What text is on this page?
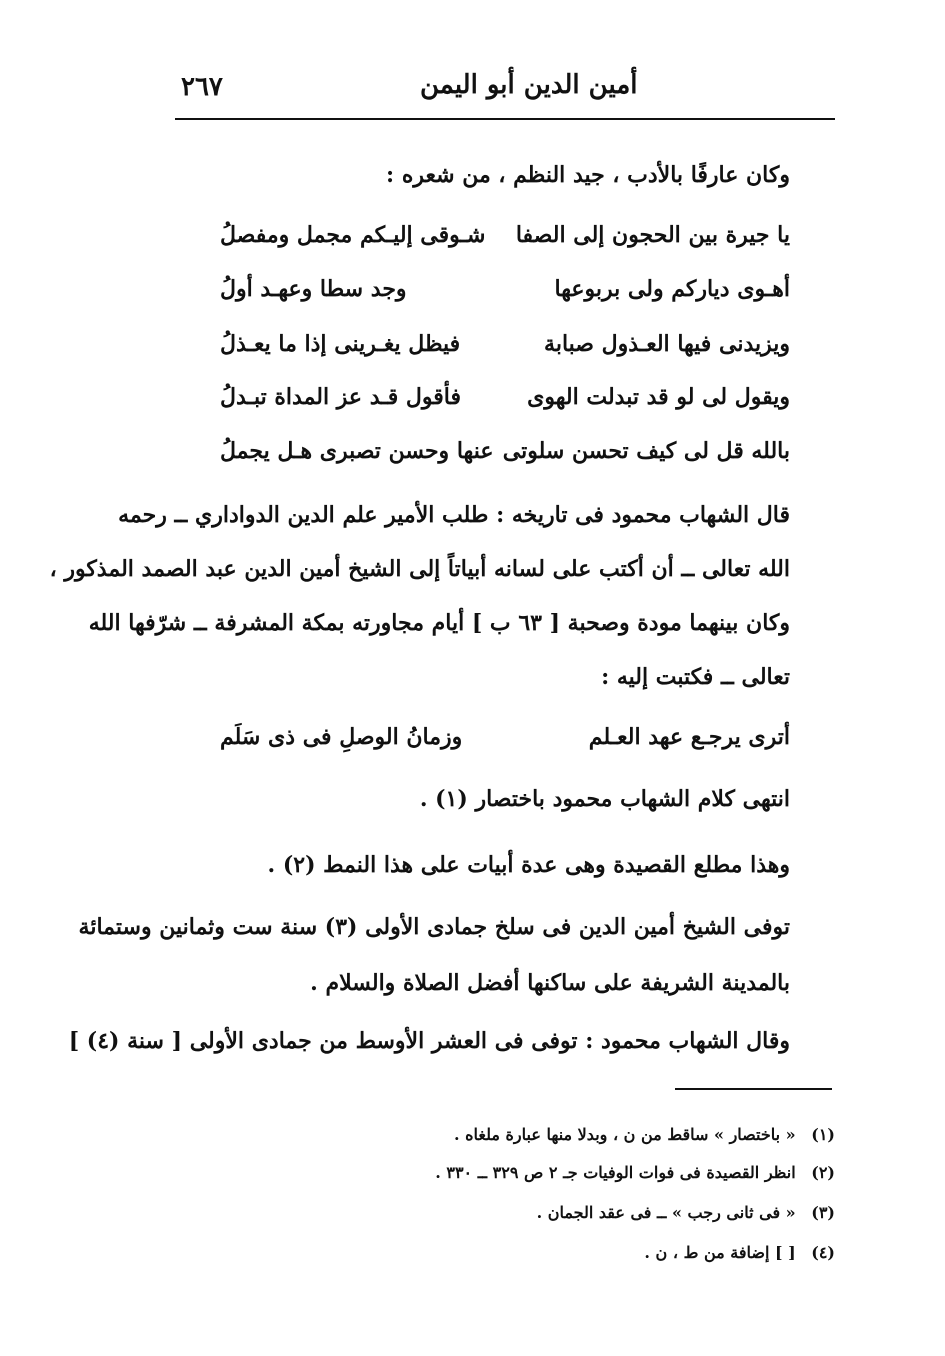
٢٦٧	أمين الدين أبو اليمن
وكان عارفًا بالأدب ، جيد النظم ، من شعره :
يا جيرة بين الحجون إلى الصفا
شـوقى إليـكم مجمل ومفصلُ
أهـوى دياركم ولى بربوعها
وجد سطا وعهـد أولُ
ويزيدنى فيها العـذول صبابة
فيظل يغـرينى إذا ما يعـذلُ
ويقول لى لو قد تبدلت الهوى
فأقول قـد عز المداة تبـدلُ
بالله قل لى كيف تحسن سلوتى
عنها وحسن تصبرى هـل يجملُ
قال الشهاب محمود فى تاريخه : طلب الأمير علم الدين الدواداري ــ رحمه
الله تعالى ــ أن أكتب على لسانه أبياتاً إلى الشيخ أمين الدين عبد الصمد المذكور ،
وكان بينهما مودة وصحبة [ ٦٣ ب ] أيام مجاورته بمكة المشرفة ــ شرّفها الله
تعالى ــ فكتبت إليه :
أترى يرجـع عهد العـلم
وزمانُ الوصلِ فى ذى سَلَم
انتهى كلام الشهاب محمود باختصار (١) .
وهذا مطلع القصيدة وهى عدة أبيات على هذا النمط (٢) .
توفى الشيخ أمين الدين فى سلخ جمادى الأولى (٣) سنة ست وثمانين وستمائة
بالمدينة الشريفة على ساكنها أفضل الصلاة والسلام .
وقال الشهاب محمود : توفى فى العشر الأوسط من جمادى الأولى [ سنة (٤) ]
(١) « باختصار » ساقط من ن ، وبدلا منها عبارة ملغاه .
(٢) انظر القصيدة فى فوات الوفيات جـ ٢ ص ٣٢٩ ــ ٣٣٠ .
(٣) « فى ثانى رجب » ــ فى عقد الجمان .
(٤) [ ] إضافة من ط ، ن .
